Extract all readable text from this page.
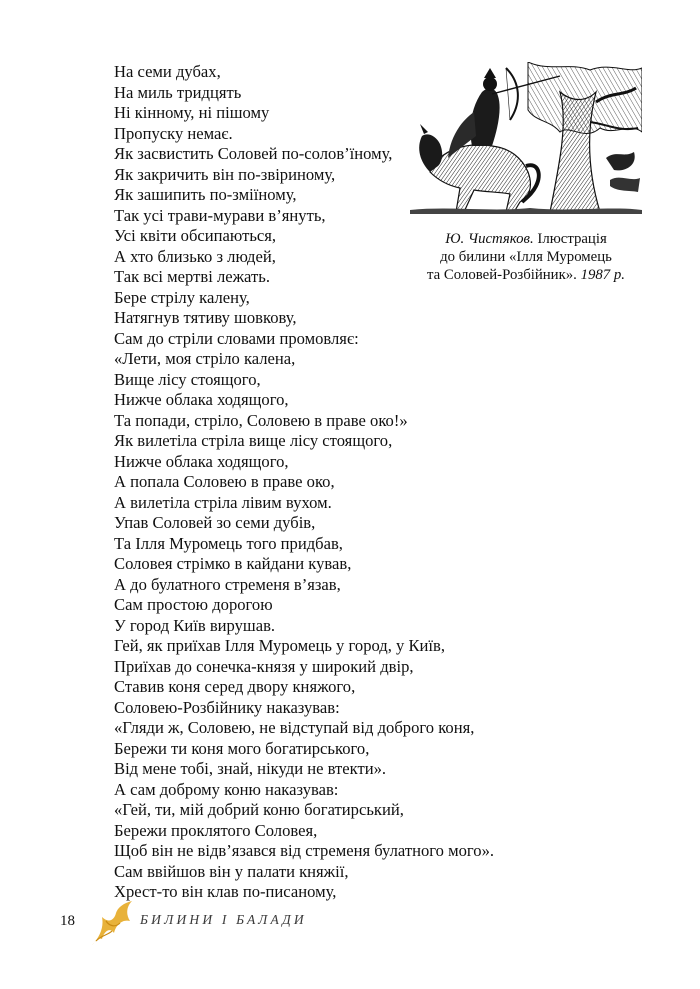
На семи дубах,
На миль тридцять
Ні кінному, ні пішому
Пропуску немає.
Як засвистить Соловей по-солов’їному,
Як закричить він по-звіриному,
Як зашипить по-зміїному,
Так усі трави-мурави в’януть,
Усі квіти обсипаються,
А хто близько з людей,
Так всі мертві лежать.
Бере стрілу калену,
Натягнув тятиву шовкову,
Сам до стріли словами промовляє:
«Лети, моя стріло калена,
Вище лісу стоящого,
Нижче облака ходящого,
Та попади, стріло, Соловею в праве око!»
Як вилетіла стріла вище лісу стоящого,
Нижче облака ходящого,
А попала Соловею в праве око,
А вилетіла стріла лівим вухом.
Упав Соловей зо семи дубів,
Та Ілля Муромець того придбав,
Соловея стрімко в кайдани кував,
А до булатного стременя в’язав,
Сам простою дорогою
У город Київ вирушав.
Гей, як приїхав Ілля Муромець у город, у Київ,
Приїхав до сонечка-князя у широкий двір,
Ставив коня серед двору княжого,
Соловею-Розбійнику наказував:
«Гляди ж, Соловею, не відступай від доброго коня,
Бережи ти коня мого богатирського,
Від мене тобі, знай, нікуди не втекти».
А сам доброму коню наказував:
«Гей, ти, мій добрий коню богатирський,
Бережи проклятого Соловея,
Щоб він не відв’язався від стременя булатного мого».
Сам ввійшов він у палати княжії,
Хрест-то він клав по-писаному,
Ю. Чистяков. Ілюстрація
до билини «Ілля Муромець
та Соловей-Розбійник». 1987 р.
18	БИЛИНИ І БАЛАДИ
